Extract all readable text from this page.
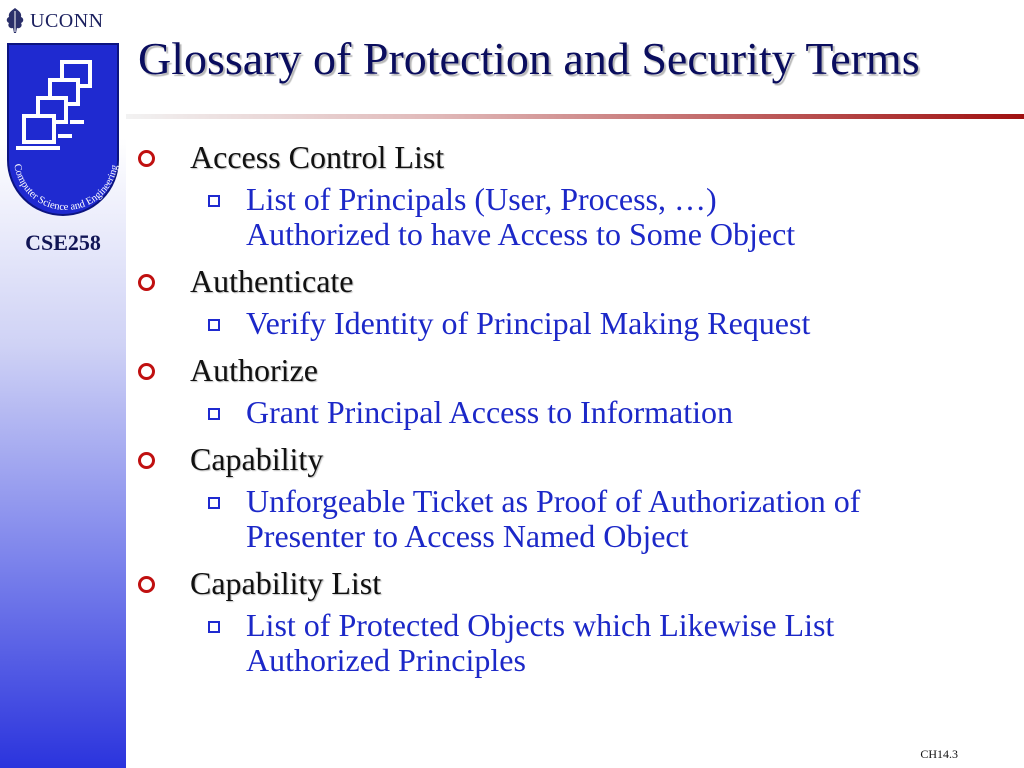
UCONN
Computer Science and Engineering
CSE258
Glossary of Protection and Security Terms
Access Control List
List of Principals (User, Process, …)
Authorized to have Access to Some Object
Authenticate
Verify Identity of Principal Making Request
Authorize
Grant Principal Access to Information
Capability
Unforgeable Ticket as Proof of Authorization of
Presenter to Access Named Object
Capability List
List of Protected Objects which Likewise List
Authorized Principles
CH14.3
